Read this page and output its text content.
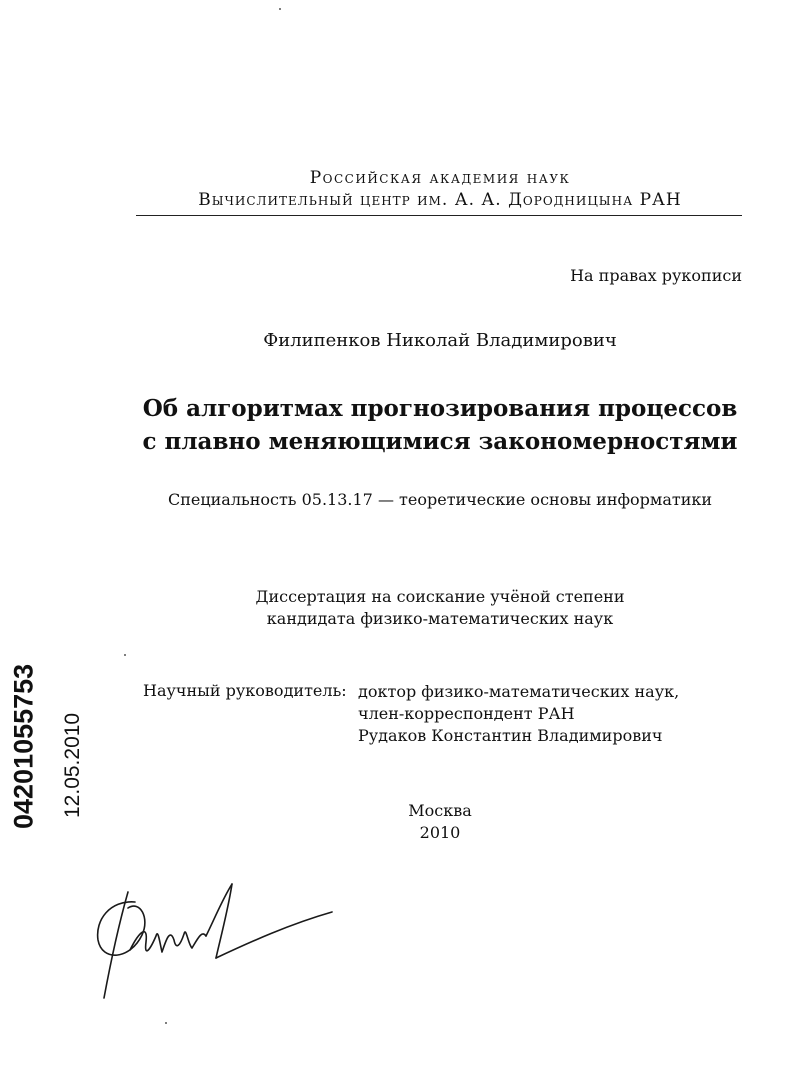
Российская академия наук
Вычислительный центр им. А. А. Дородницына РАН
На правах рукописи
Филипенков Николай Владимирович
Об алгоритмах прогнозирования процессов
с плавно меняющимися закономерностями
Специальность 05.13.17 — теоретические основы информатики
Диссертация на соискание учёной степени
кандидата физико-математических наук
Научный руководитель: доктор физико-математических наук,
член-корреспондент РАН
Рудаков Константин Владимирович
Москва
2010
04201055753	12.05.2010
